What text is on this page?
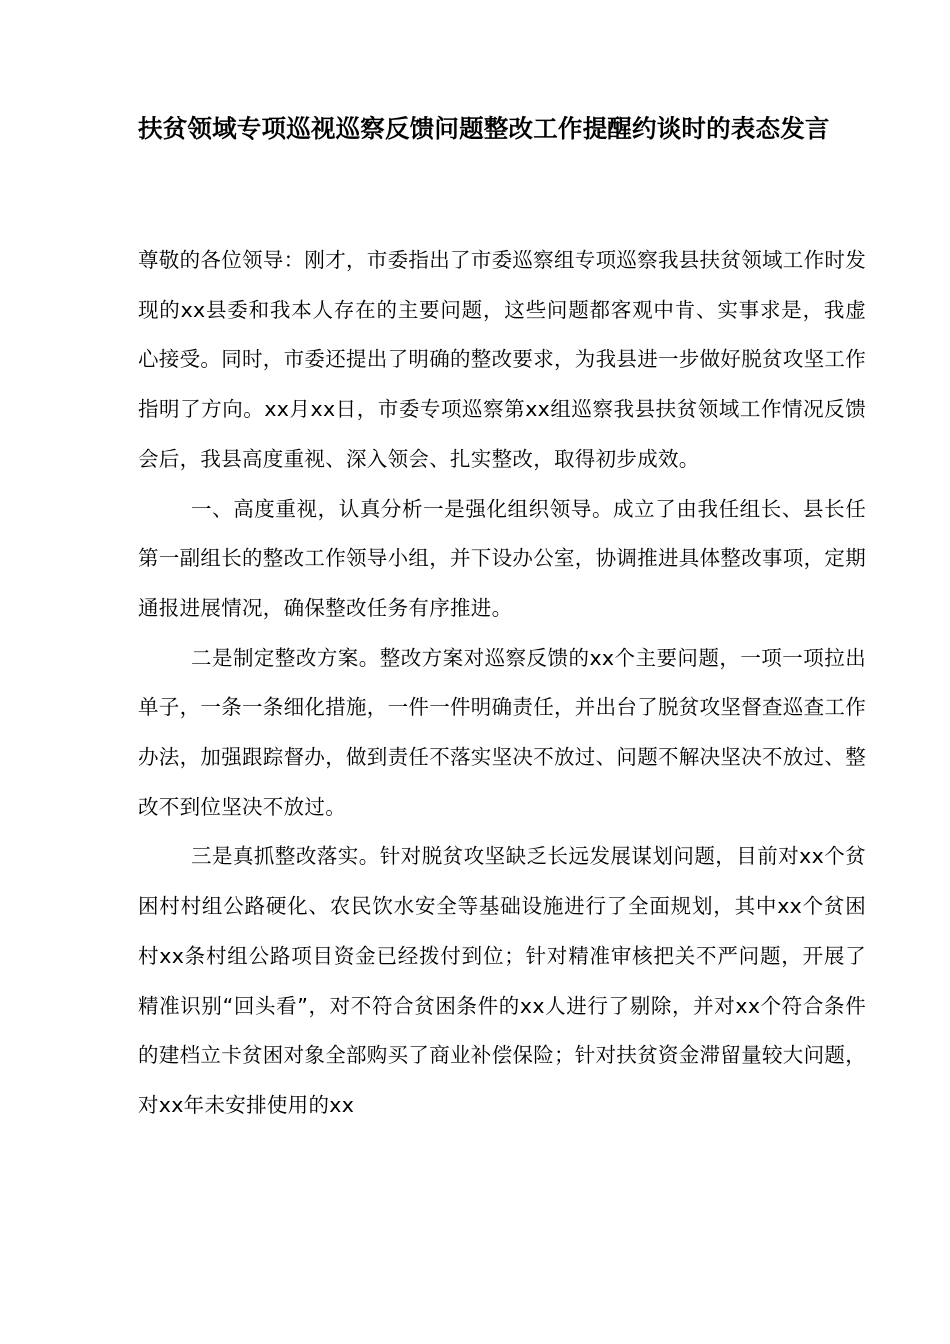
扶贫领域专项巡视巡察反馈问题整改工作提醒约谈时的表态发言

尊敬的各位领导：刚才，市委指出了市委巡察组专项巡察我县扶贫领域工作时发现的xx县委和我本人存在的主要问题，这些问题都客观中肯、实事求是，我虚心接受。同时，市委还提出了明确的整改要求，为我县进一步做好脱贫攻坚工作指明了方向。xx月xx日，市委专项巡察第xx组巡察我县扶贫领域工作情况反馈会后，我县高度重视、深入领会、扎实整改，取得初步成效。

一、高度重视，认真分析一是强化组织领导。成立了由我任组长、县长任第一副组长的整改工作领导小组，并下设办公室，协调推进具体整改事项，定期通报进展情况，确保整改任务有序推进。

二是制定整改方案。整改方案对巡察反馈的xx个主要问题，一项一项拉出单子，一条一条细化措施，一件一件明确责任，并出台了脱贫攻坚督查巡查工作办法，加强跟踪督办，做到责任不落实坚决不放过、问题不解决坚决不放过、整改不到位坚决不放过。

三是真抓整改落实。针对脱贫攻坚缺乏长远发展谋划问题，目前对xx个贫困村村组公路硬化、农民饮水安全等基础设施进行了全面规划，其中xx个贫困村xx条村组公路项目资金已经拨付到位；针对精准审核把关不严问题，开展了精准识别“回头看”，对不符合贫困条件的xx人进行了剔除，并对xx个符合条件的建档立卡贫困对象全部购买了商业补偿保险；针对扶贫资金滞留量较大问题，对xx年未安排使用的xx
